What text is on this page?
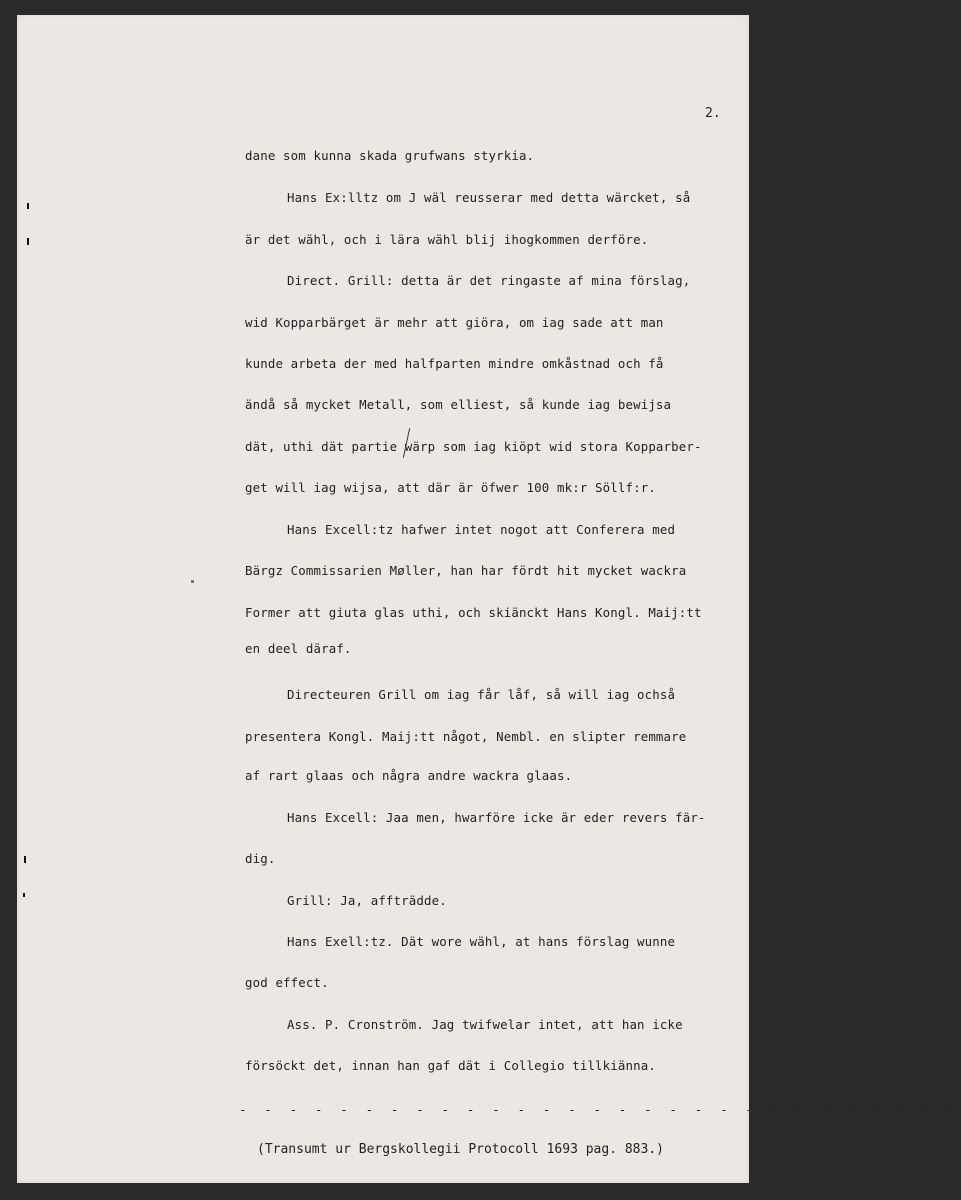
2.
dane som kunna skada grufwans styrkia.
Hans Ex:lltz om J wäl reusserar med detta wärcket, så
är det wähl, och i lära wähl blij ihogkommen derföre.
Direct. Grill: detta är det ringaste af mina förslag,
wid Kopparbärget är mehr att giöra, om iag sade att man
kunde arbeta der med halfparten mindre omkåstnad och få
ändå så mycket Metall, som elliest, så kunde iag bewijsa
dät, uthi dät partie wärp som iag kiöpt wid stora Kopparber-
get will iag wijsa, att där är öfwer 100 mk:r Söllf:r.
Hans Excell:tz hafwer intet nogot att Conferera med
Bärgz Commissarien Møller, han har fördt hit mycket wackra
Former att giuta glas uthi, och skiänckt Hans Kongl. Maij:tt
en deel däraf.
Directeuren Grill om iag får låf, så will iag ochså
presentera Kongl. Maij:tt något, Nembl. en slipter remmare
af rart glaas och några andre wackra glaas.
Hans Excell: Jaa men, hwarföre icke är eder revers fär-
dig.
Grill: Ja, affträdde.
Hans Exell:tz. Dät wore wähl, at hans förslag wunne
god effect.
Ass. P. Cronström. Jag twifwelar intet, att han icke
försöckt det, innan han gaf dät i Collegio tillkiänna.
- - - - - - - - - - - - - - - - - - - - - - - - - - - - -
(Transumt ur Bergskollegii Protocoll 1693 pag. 883.)
